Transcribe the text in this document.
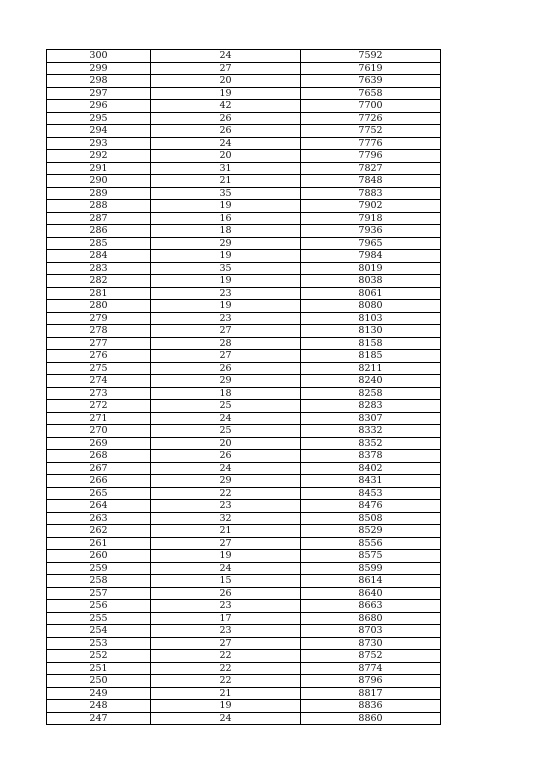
300	24	7592
299	27	7619
298	20	7639
297	19	7658
296	42	7700
295	26	7726
294	26	7752
293	24	7776
292	20	7796
291	31	7827
290	21	7848
289	35	7883
288	19	7902
287	16	7918
286	18	7936
285	29	7965
284	19	7984
283	35	8019
282	19	8038
281	23	8061
280	19	8080
279	23	8103
278	27	8130
277	28	8158
276	27	8185
275	26	8211
274	29	8240
273	18	8258
272	25	8283
271	24	8307
270	25	8332
269	20	8352
268	26	8378
267	24	8402
266	29	8431
265	22	8453
264	23	8476
263	32	8508
262	21	8529
261	27	8556
260	19	8575
259	24	8599
258	15	8614
257	26	8640
256	23	8663
255	17	8680
254	23	8703
253	27	8730
252	22	8752
251	22	8774
250	22	8796
249	21	8817
248	19	8836
247	24	8860
